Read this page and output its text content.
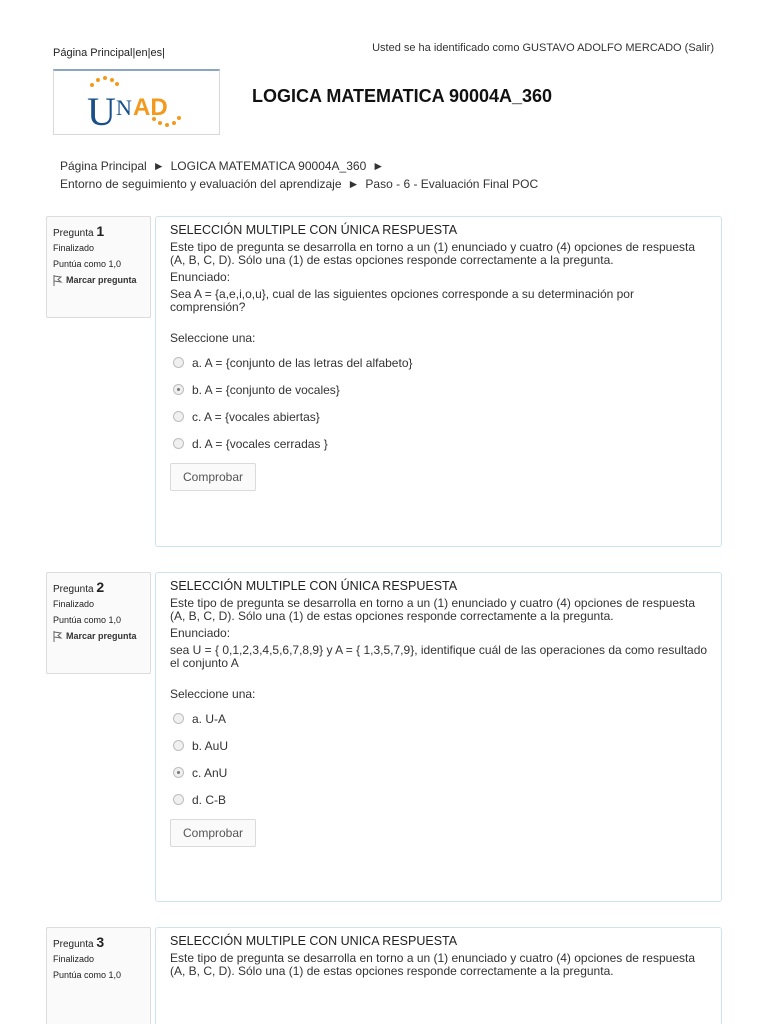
Página Principal|en|es|	Usted se ha identificado como GUSTAVO ADOLFO MERCADO (Salir)
U N AD	LOGICA MATEMATICA 90004A_360
Página Principal ► LOGICA MATEMATICA 90004A_360 ►
Entorno de seguimiento y evaluación del aprendizaje ► Paso - 6 - Evaluación Final POC
Pregunta 1
Finalizado
Puntúa como 1,0
Marcar pregunta
SELECCIÓN MULTIPLE CON ÚNICA RESPUESTA

Este tipo de pregunta se desarrolla en torno a un (1) enunciado y cuatro (4) opciones de respuesta (A, B, C, D). Sólo una (1) de estas opciones responde correctamente a la pregunta.

Enunciado:

Sea A = {a,e,i,o,u}, cual de las siguientes opciones corresponde a su determinación por comprensión?

Seleccione una:

a. A = {conjunto de las letras del alfabeto}
b. A = {conjunto de vocales}
c. A = {vocales abiertas}
d. A = {vocales cerradas }
Comprobar
Pregunta 2
Finalizado
Puntúa como 1,0
Marcar pregunta
SELECCIÓN MULTIPLE CON ÚNICA RESPUESTA

Este tipo de pregunta se desarrolla en torno a un (1) enunciado y cuatro (4) opciones de respuesta (A, B, C, D). Sólo una (1) de estas opciones responde correctamente a la pregunta.

Enunciado:

sea U = { 0,1,2,3,4,5,6,7,8,9} y A = { 1,3,5,7,9}, identifique cuál de las operaciones da como resultado el conjunto A

Seleccione una:

a. U-A
b. AuU
c. AnU
d. C-B
Comprobar
Pregunta 3
Finalizado
Puntúa como 1,0
SELECCIÓN MULTIPLE CON UNICA RESPUESTA

Este tipo de pregunta se desarrolla en torno a un (1) enunciado y cuatro (4) opciones de respuesta (A, B, C, D). Sólo una (1) de estas opciones responde correctamente a la pregunta.
